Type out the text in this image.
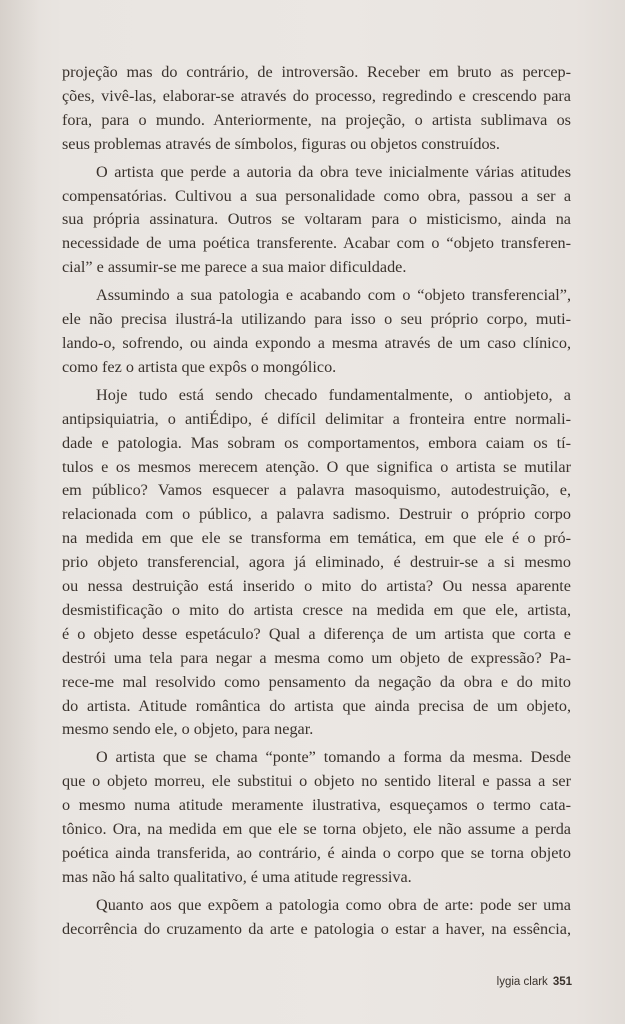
projeção mas do contrário, de introversão. Receber em bruto as percep-
ções, vivê-las, elaborar-se através do processo, regredindo e crescendo para
fora, para o mundo. Anteriormente, na projeção, o artista sublimava os
seus problemas através de símbolos, figuras ou objetos construídos.
O artista que perde a autoria da obra teve inicialmente várias atitudes
compensatórias. Cultivou a sua personalidade como obra, passou a ser a
sua própria assinatura. Outros se voltaram para o misticismo, ainda na
necessidade de uma poética transferente. Acabar com o “objeto transferen-
cial” e assumir-se me parece a sua maior dificuldade.
Assumindo a sua patologia e acabando com o “objeto transferencial”,
ele não precisa ilustrá-la utilizando para isso o seu próprio corpo, muti-
lando-o, sofrendo, ou ainda expondo a mesma através de um caso clínico,
como fez o artista que expôs o mongólico.
Hoje tudo está sendo checado fundamentalmente, o antiobjeto, a
antipsiquiatria, o antiÉdipo, é difícil delimitar a fronteira entre normali-
dade e patologia. Mas sobram os comportamentos, embora caiam os tí-
tulos e os mesmos merecem atenção. O que significa o artista se mutilar
em público? Vamos esquecer a palavra masoquismo, autodestruição, e,
relacionada com o público, a palavra sadismo. Destruir o próprio corpo
na medida em que ele se transforma em temática, em que ele é o pró-
prio objeto transferencial, agora já eliminado, é destruir-se a si mesmo
ou nessa destruição está inserido o mito do artista? Ou nessa aparente
desmistificação o mito do artista cresce na medida em que ele, artista,
é o objeto desse espetáculo? Qual a diferença de um artista que corta e
destrói uma tela para negar a mesma como um objeto de expressão? Pa-
rece-me mal resolvido como pensamento da negação da obra e do mito
do artista. Atitude romântica do artista que ainda precisa de um objeto,
mesmo sendo ele, o objeto, para negar.
O artista que se chama “ponte” tomando a forma da mesma. Desde
que o objeto morreu, ele substitui o objeto no sentido literal e passa a ser
o mesmo numa atitude meramente ilustrativa, esqueçamos o termo cata-
tônico. Ora, na medida em que ele se torna objeto, ele não assume a perda
poética ainda transferida, ao contrário, é ainda o corpo que se torna objeto
mas não há salto qualitativo, é uma atitude regressiva.
Quanto aos que expõem a patologia como obra de arte: pode ser uma
decorrência do cruzamento da arte e patologia o estar a haver, na essência,
lygia clark 351
